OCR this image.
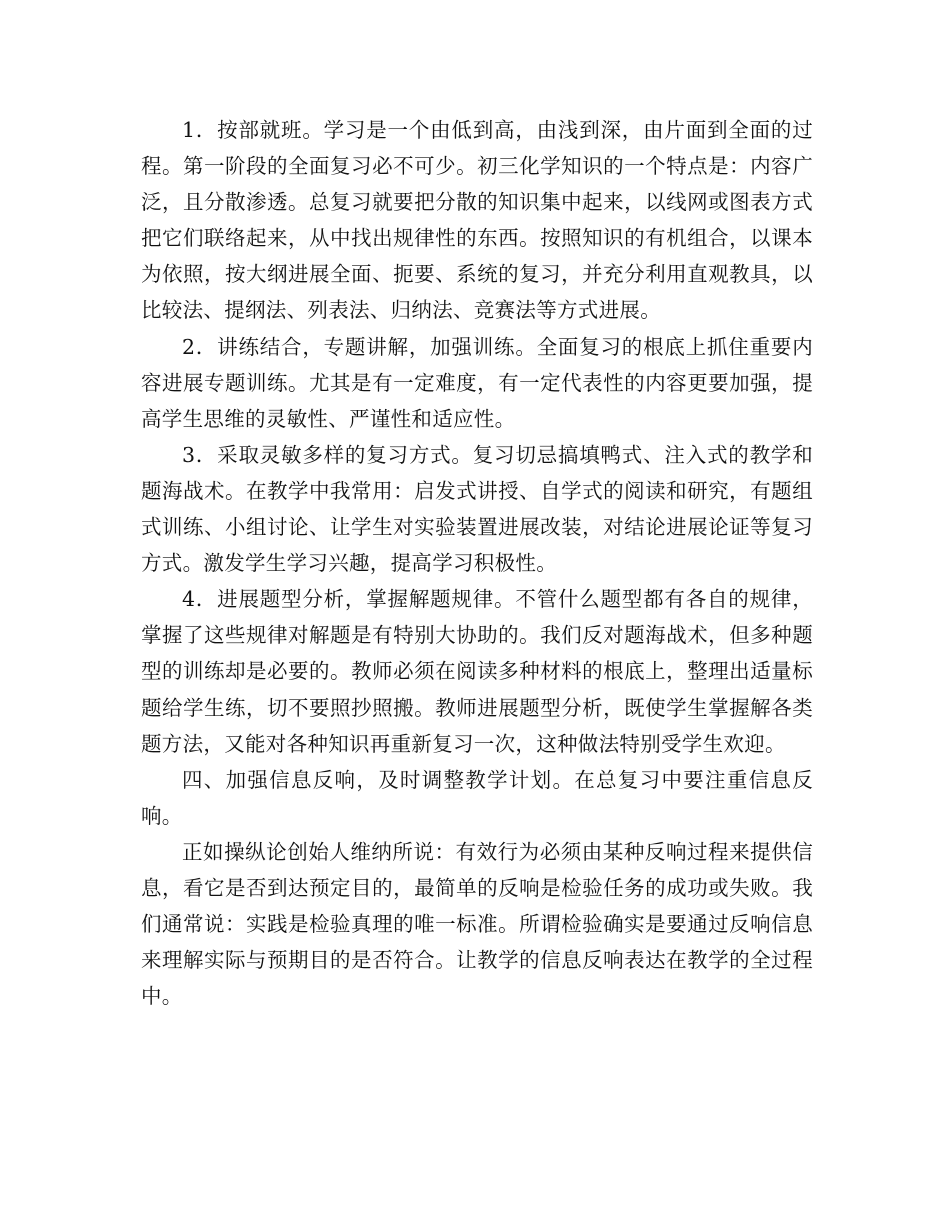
1．按部就班。学习是一个由低到高，由浅到深，由片面到全面的过程。第一阶段的全面复习必不可少。初三化学知识的一个特点是：内容广泛，且分散渗透。总复习就要把分散的知识集中起来，以线网或图表方式把它们联络起来，从中找出规律性的东西。按照知识的有机组合，以课本为依照，按大纲进展全面、扼要、系统的复习，并充分利用直观教具，以比较法、提纲法、列表法、归纳法、竞赛法等方式进展。

2．讲练结合，专题讲解，加强训练。全面复习的根底上抓住重要内容进展专题训练。尤其是有一定难度，有一定代表性的内容更要加强，提高学生思维的灵敏性、严谨性和适应性。

3．采取灵敏多样的复习方式。复习切忌搞填鸭式、注入式的教学和题海战术。在教学中我常用：启发式讲授、自学式的阅读和研究，有题组式训练、小组讨论、让学生对实验装置进展改装，对结论进展论证等复习方式。激发学生学习兴趣，提高学习积极性。

4．进展题型分析，掌握解题规律。不管什么题型都有各自的规律，掌握了这些规律对解题是有特别大协助的。我们反对题海战术，但多种题型的训练却是必要的。教师必须在阅读多种材料的根底上，整理出适量标题给学生练，切不要照抄照搬。教师进展题型分析，既使学生掌握解各类题方法，又能对各种知识再重新复习一次，这种做法特别受学生欢迎。

四、加强信息反响，及时调整教学计划。在总复习中要注重信息反响。

正如操纵论创始人维纳所说：有效行为必须由某种反响过程来提供信息，看它是否到达预定目的，最简单的反响是检验任务的成功或失败。我们通常说：实践是检验真理的唯一标准。所谓检验确实是要通过反响信息来理解实际与预期目的是否符合。让教学的信息反响表达在教学的全过程中。
